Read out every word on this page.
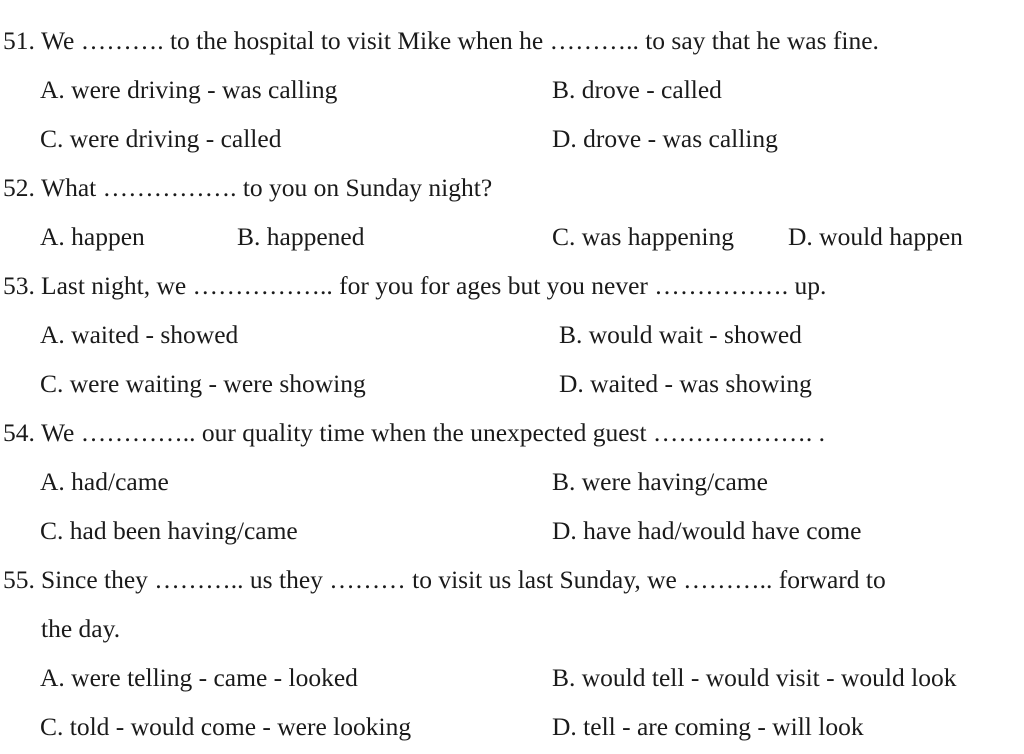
51. We ………. to the hospital to visit Mike when he ……….. to say that he was fine.
A. were driving - was calling	B. drove - called
C. were driving - called	D. drove - was calling
52. What ……………. to you on Sunday night?
A. happen	B. happened	C. was happening D. would happen
53. Last night, we …………….. for you for ages but you never ……………. up.
A. waited - showed	B. would wait - showed
C. were waiting - were showing	D. waited - was showing
54. We ………….. our quality time when the unexpected guest ………………. .
A. had/came	B. were having/came
C. had been having/came	D. have had/would have come
55. Since they ……….. us they ……… to visit us last Sunday, we ……….. forward to
the day.
A. were telling - came - looked	B. would tell - would visit - would look
C. told - would come - were looking	D. tell - are coming - will look
